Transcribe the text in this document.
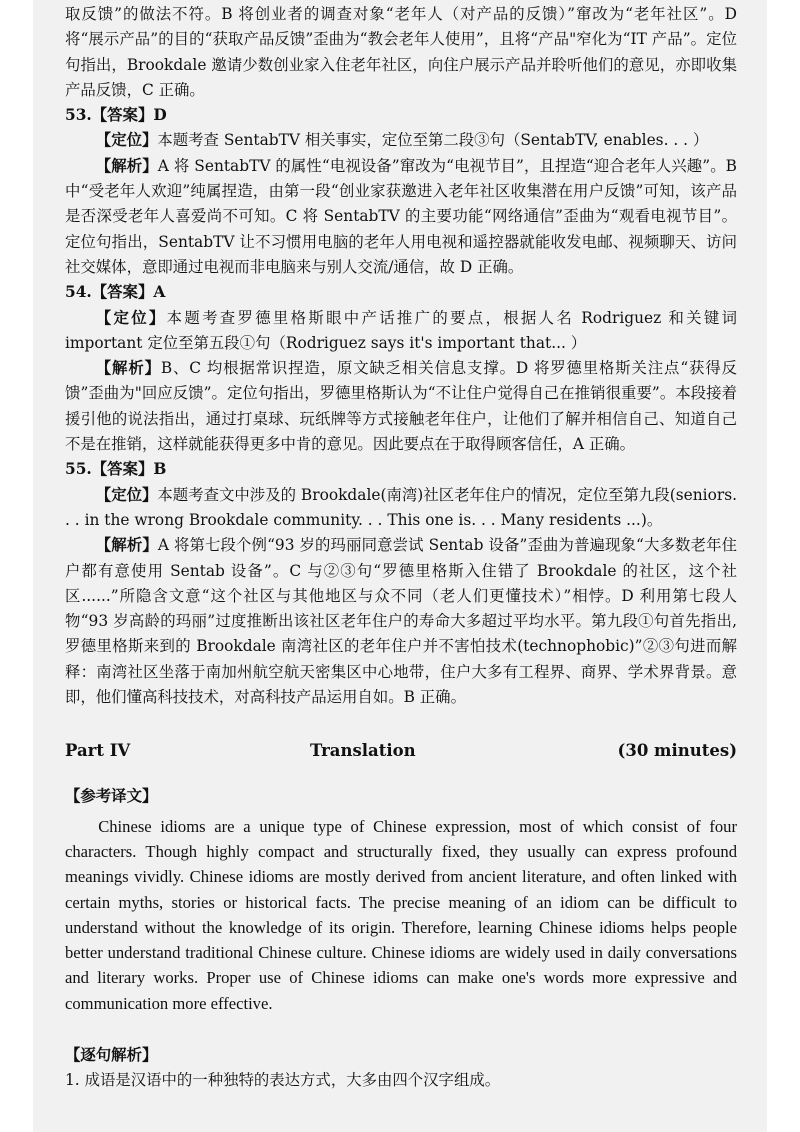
取反馈”的做法不符。B 将创业者的调查对象“老年人（对产品的反馈）”窜改为“老年社区”。D 将“展示产品”的目的“获取产品反馈”歪曲为“教会老年人使用”，且将“产品"窄化为“IT 产品”。定位句指出，Brookdale 邀请少数创业家入住老年社区，向住户展示产品并聆听他们的意见，亦即收集产品反馈，C 正确。

53.【答案】D

【定位】本题考查 SentabTV 相关事实，定位至第二段③句（SentabTV, enables. . . ）

【解析】A 将 SentabTV 的属性“电视设备”窜改为“电视节目”，且捏造“迎合老年人兴趣”。B 中“受老年人欢迎”纯属捏造，由第一段“创业家获邀进入老年社区收集潜在用户反馈”可知，该产品是否深受老年人喜爱尚不可知。C 将 SentabTV 的主要功能“网络通信”歪曲为“观看电视节目”。定位句指出，SentabTV 让不习惯用电脑的老年人用电视和遥控器就能收发电邮、视频聊天、访问社交媒体，意即通过电视而非电脑来与别人交流/通信，故 D 正确。

54.【答案】A

【定位】本题考查罗德里格斯眼中产话推广的要点，根据人名 Rodriguez 和关键词 important 定位至第五段①句（Rodriguez says it's important that... ）

【解析】B、C 均根据常识捏造，原文缺乏相关信息支撑。D 将罗德里格斯关注点“获得反馈”歪曲为"回应反馈”。定位句指出，罗德里格斯认为“不让住户觉得自己在推销很重要”。本段接着援引他的说法指出，通过打桌球、玩纸牌等方式接触老年住户，让他们了解并相信自己、知道自己不是在推销，这样就能获得更多中肯的意见。因此要点在于取得顾客信任，A 正确。

55.【答案】B

【定位】本题考查文中涉及的 Brookdale(南湾)社区老年住户的情况，定位至第九段(seniors. . . in the wrong Brookdale community. . . This one is. . . Many residents ...)。

【解析】A 将第七段个例“93 岁的玛丽同意尝试 Sentab 设备”歪曲为普遍现象“大多数老年住户都有意使用 Sentab 设备”。C 与②③句“罗德里格斯入住错了 Brookdale 的社区，这个社区......”所隐含文意“这个社区与其他地区与众不同（老人们更懂技术）”相悖。D 利用第七段人物“93 岁高龄的玛丽”过度推断出该社区老年住户的寿命大多超过平均水平。第九段①句首先指出,罗德里格斯来到的 Brookdale 南湾社区的老年住户并不害怕技术(technophobic)”②③句进而解释：南湾社区坐落于南加州航空航天密集区中心地带，住户大多有工程界、商界、学术界背景。意即，他们懂高科技技术，对高科技产品运用自如。B 正确。

Part IV	Translation	(30 minutes)

【参考译文】

Chinese idioms are a unique type of Chinese expression, most of which consist of four characters. Though highly compact and structurally fixed, they usually can express profound meanings vividly. Chinese idioms are mostly derived from ancient literature, and often linked with certain myths, stories or historical facts. The precise meaning of an idiom can be difficult to understand without the knowledge of its origin. Therefore, learning Chinese idioms helps people better understand traditional Chinese culture. Chinese idioms are widely used in daily conversations and literary works. Proper use of Chinese idioms can make one's words more expressive and communication more effective.

【逐句解析】

1. 成语是汉语中的一种独特的表达方式，大多由四个汉字组成。
